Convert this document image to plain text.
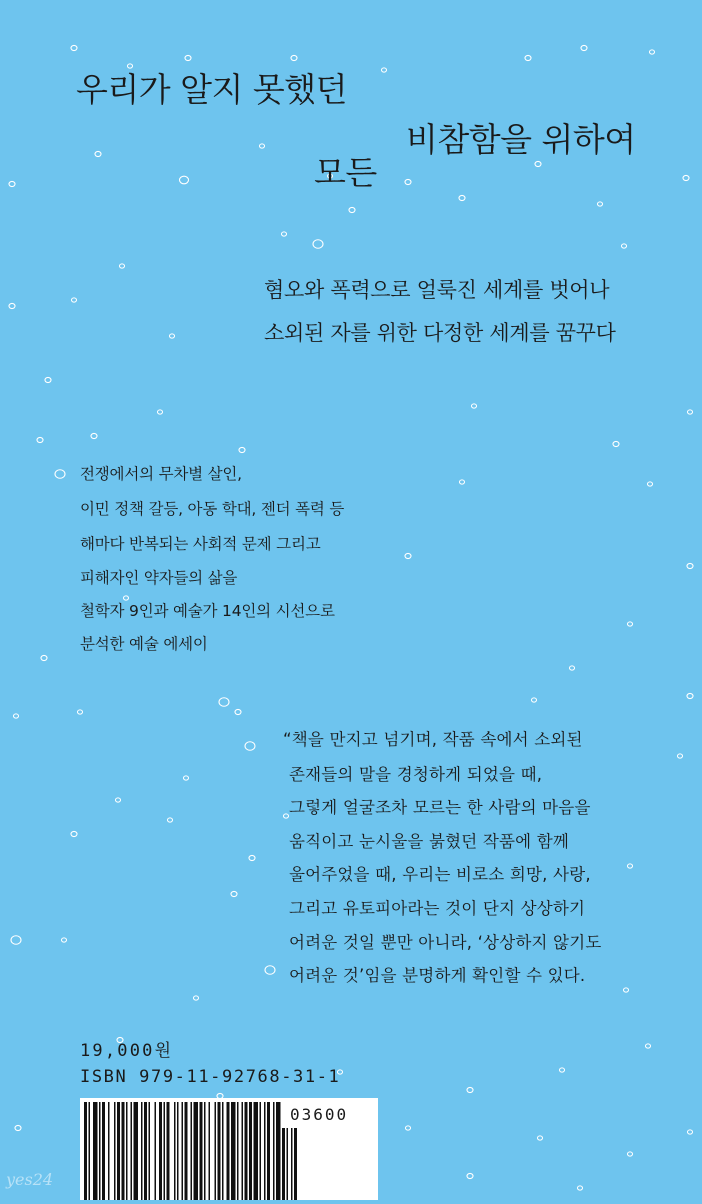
우리가 알지 못했던
비참함을 위하여
모든
혐오와 폭력으로 얼룩진 세계를 벗어나
소외된 자를 위한 다정한 세계를 꿈꾸다
전쟁에서의 무차별 살인,
이민 정책 갈등, 아동 학대, 젠더 폭력 등
해마다 반복되는 사회적 문제 그리고
피해자인 약자들의 삶을
철학자 9인과 예술가 14인의 시선으로
분석한 예술 에세이
“책을 만지고 넘기며, 작품 속에서 소외된
존재들의 말을 경청하게 되었을 때,
그렇게 얼굴조차 모르는 한 사람의 마음을
움직이고 눈시울을 붉혔던 작품에 함께
울어주었을 때, 우리는 비로소 희망, 사랑,
그리고 유토피아라는 것이 단지 상상하기
어려운 것일 뿐만 아니라, ‘상상하지 않기도
어려운 것’임을 분명하게 확인할 수 있다.
19,000원
ISBN 979-11-92768-31-1
03600
yes24
